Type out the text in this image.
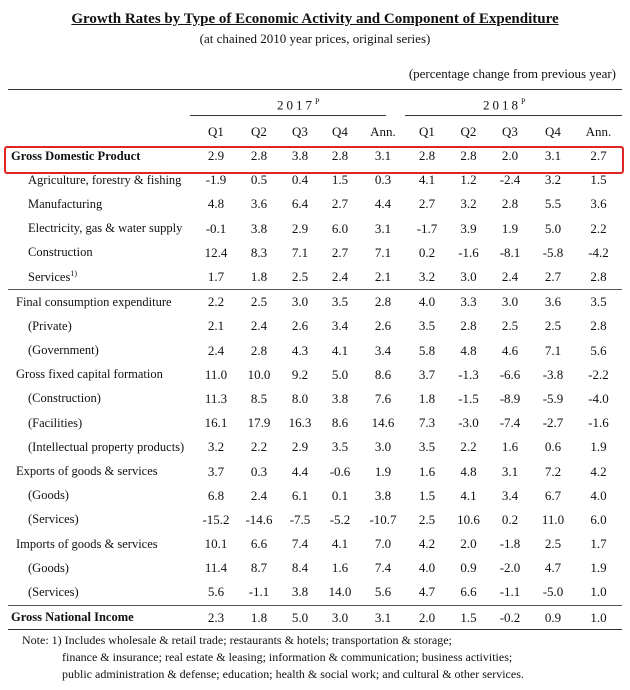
Growth Rates by Type of Economic Activity and Component of Expenditure
(at chained 2010 year prices, original series)
(percentage change from previous year)
$2017^P$	$2018^P$
	Q1	Q2	Q3	Q4	Ann.	Q1	Q2	Q3	Q4	Ann.
Gross Domestic Product	2.9	2.8	3.8	2.8	3.1	2.8	2.8	2.0	3.1	2.7
Agriculture, forestry & fishing	-1.9	0.5	0.4	1.5	0.3	4.1	1.2	-2.4	3.2	1.5
Manufacturing	4.8	3.6	6.4	2.7	4.4	2.7	3.2	2.8	5.5	3.6
Electricity, gas & water supply	-0.1	3.8	2.9	6.0	3.1	-1.7	3.9	1.9	5.0	2.2
Construction	12.4	8.3	7.1	2.7	7.1	0.2	-1.6	-8.1	-5.8	-4.2
Services$^{1)}$	1.7	1.8	2.5	2.4	2.1	3.2	3.0	2.4	2.7	2.8
Final consumption expenditure	2.2	2.5	3.0	3.5	2.8	4.0	3.3	3.0	3.6	3.5
(Private)	2.1	2.4	2.6	3.4	2.6	3.5	2.8	2.5	2.5	2.8
(Government)	2.4	2.8	4.3	4.1	3.4	5.8	4.8	4.6	7.1	5.6
Gross fixed capital formation	11.0	10.0	9.2	5.0	8.6	3.7	-1.3	-6.6	-3.8	-2.2
(Construction)	11.3	8.5	8.0	3.8	7.6	1.8	-1.5	-8.9	-5.9	-4.0
(Facilities)	16.1	17.9	16.3	8.6	14.6	7.3	-3.0	-7.4	-2.7	-1.6
(Intellectual property products)	3.2	2.2	2.9	3.5	3.0	3.5	2.2	1.6	0.6	1.9
Exports of goods & services	3.7	0.3	4.4	-0.6	1.9	1.6	4.8	3.1	7.2	4.2
(Goods)	6.8	2.4	6.1	0.1	3.8	1.5	4.1	3.4	6.7	4.0
(Services)	-15.2	-14.6	-7.5	-5.2	-10.7	2.5	10.6	0.2	11.0	6.0
Imports of goods & services	10.1	6.6	7.4	4.1	7.0	4.2	2.0	-1.8	2.5	1.7
(Goods)	11.4	8.7	8.4	1.6	7.4	4.0	0.9	-2.0	4.7	1.9
(Services)	5.6	-1.1	3.8	14.0	5.6	4.7	6.6	-1.1	-5.0	1.0
Gross National Income	2.3	1.8	5.0	3.0	3.1	2.0	1.5	-0.2	0.9	1.0
Note: 1) Includes wholesale & retail trade; restaurants & hotels; transportation & storage;
finance & insurance; real estate & leasing; information & communication; business activities;
public administration & defense; education; health & social work; and cultural & other services.
